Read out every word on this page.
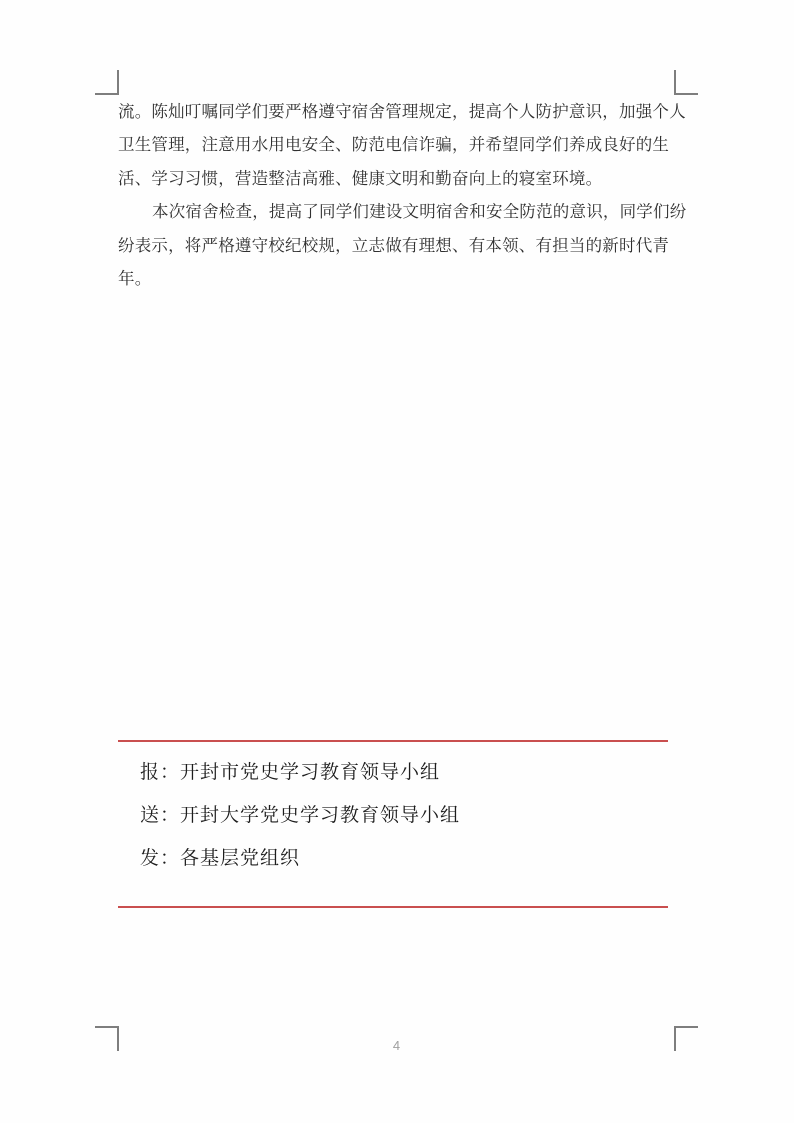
流。陈灿叮嘱同学们要严格遵守宿舍管理规定，提高个人防护意识，加强个人
卫生管理，注意用水用电安全、防范电信诈骗，并希望同学们养成良好的生
活、学习习惯，营造整洁高雅、健康文明和勤奋向上的寝室环境。
本次宿舍检查，提高了同学们建设文明宿舍和安全防范的意识，同学们纷
纷表示，将严格遵守校纪校规，立志做有理想、有本领、有担当的新时代青
年。
报：开封市党史学习教育领导小组
送：开封大学党史学习教育领导小组
发：各基层党组织
4
